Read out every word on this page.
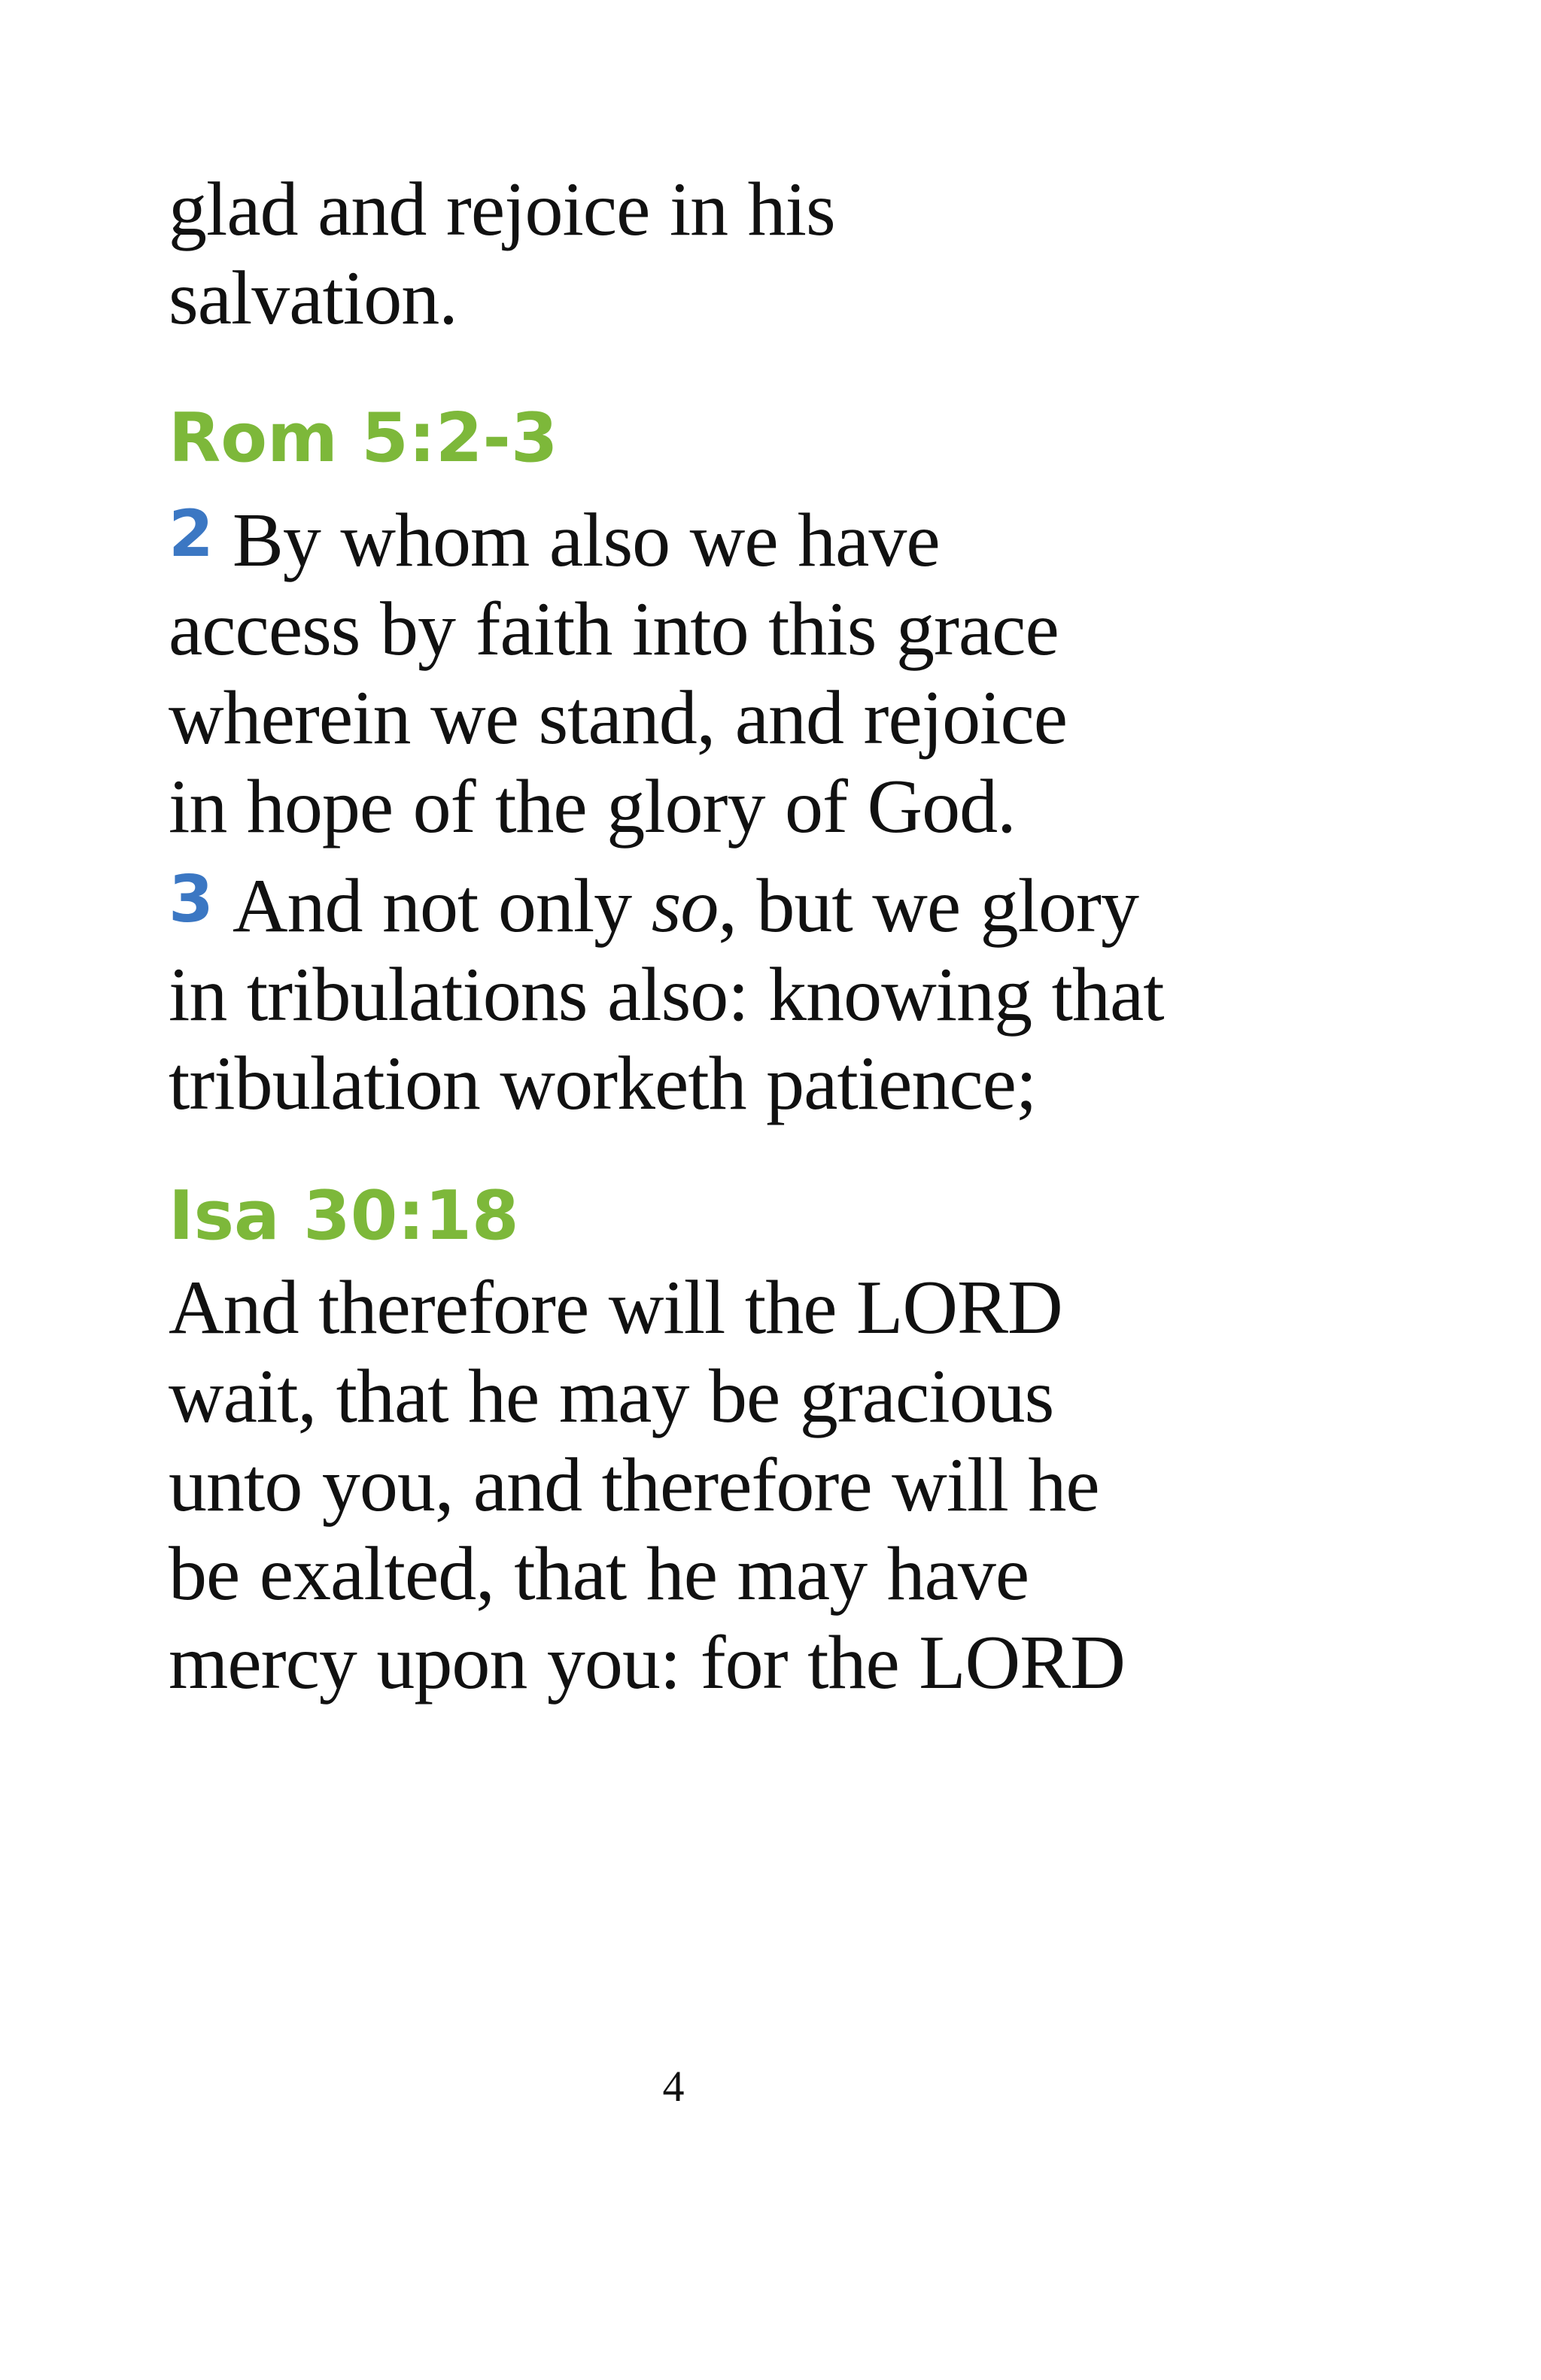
glad and rejoice in his salvation.

Rom 5:2-3

2 By whom also we have access by faith into this grace wherein we stand, and rejoice in hope of the glory of God.

3 And not only so, but we glory in tribulations also: knowing that tribulation worketh patience;

Isa 30:18

And therefore will the LORD wait, that he may be gracious unto you, and therefore will he be exalted, that he may have mercy upon you: for the LORD

4
